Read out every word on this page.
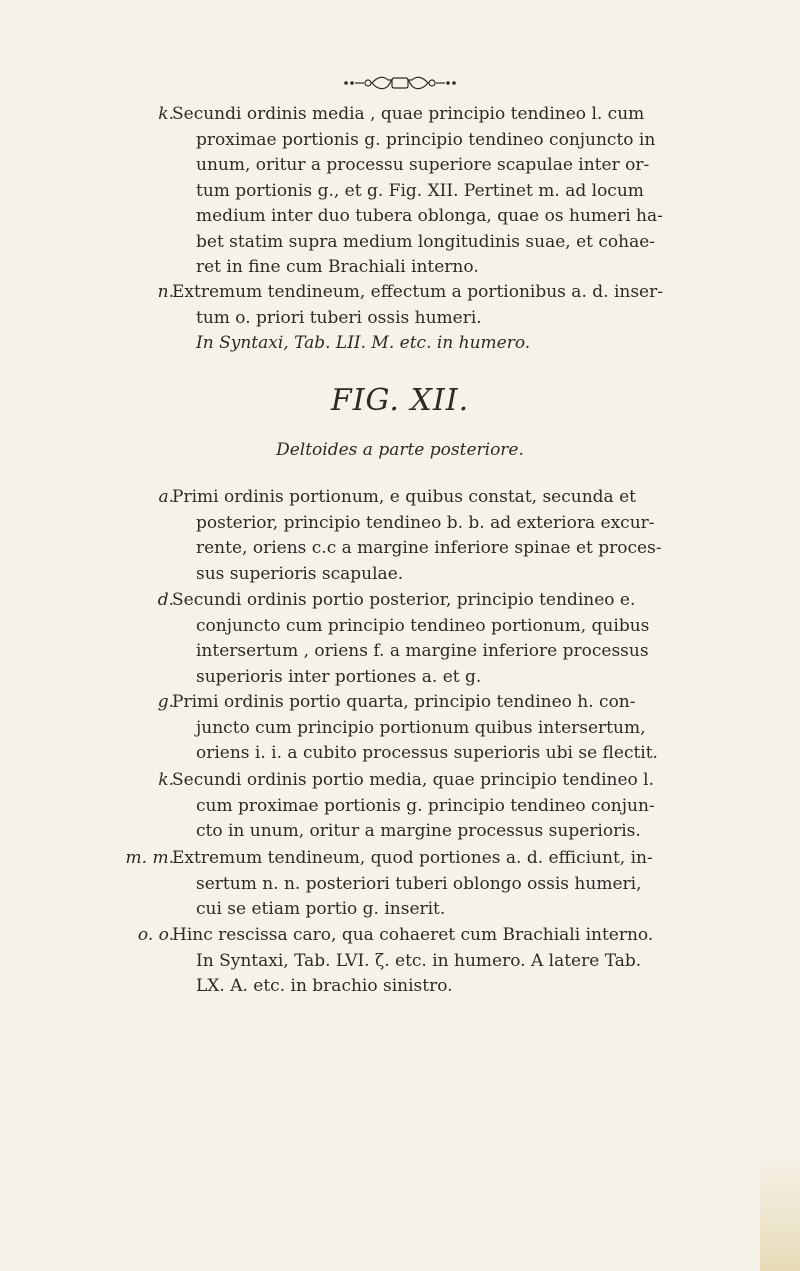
k.

Secundi ordinis media , quae principio tendineo l. cum

proximae portionis g. principio tendineo conjuncto in

unum, oritur a processu superiore scapulae inter or-

tum portionis g., et g. Fig. XII. Pertinet m. ad locum

medium inter duo tubera oblonga, quae os humeri ha-

bet statim supra medium longitudinis suae, et cohae-

ret in fine cum Brachiali interno.

n.

Extremum tendineum, effectum a portionibus a. d. inser-

tum o. priori tuberi ossis humeri.

In Syntaxi, Tab. LII. M. etc. in humero.

FIG. XII.
Deltoides a parte posteriore.
a.

Primi ordinis portionum, e quibus constat, secunda et

posterior, principio tendineo b. b. ad exteriora excur-

rente, oriens c.c a margine inferiore spinae et proces-

sus superioris scapulae.

d.

Secundi ordinis portio posterior, principio tendineo e.

conjuncto cum principio tendineo portionum, quibus

intersertum , oriens f. a margine inferiore processus

superioris inter portiones a. et g.

g.

Primi ordinis portio quarta, principio tendineo h. con-

juncto cum principio portionum quibus intersertum,

oriens i. i. a cubito processus superioris ubi se flectit.

k.

Secundi ordinis portio media, quae principio tendineo l.

cum proximae portionis g. principio tendineo conjun-

cto in unum, oritur a margine processus superioris.

m. m.

Extremum tendineum, quod portiones a. d. efficiunt, in-

sertum n. n. posteriori tuberi oblongo ossis humeri,

cui se etiam portio g. inserit.

o. o.

Hinc rescissa caro, qua cohaeret cum Brachiali interno.

In Syntaxi, Tab. LVI. ζ. etc. in humero. A latere Tab.

LX. A. etc. in brachio sinistro.
